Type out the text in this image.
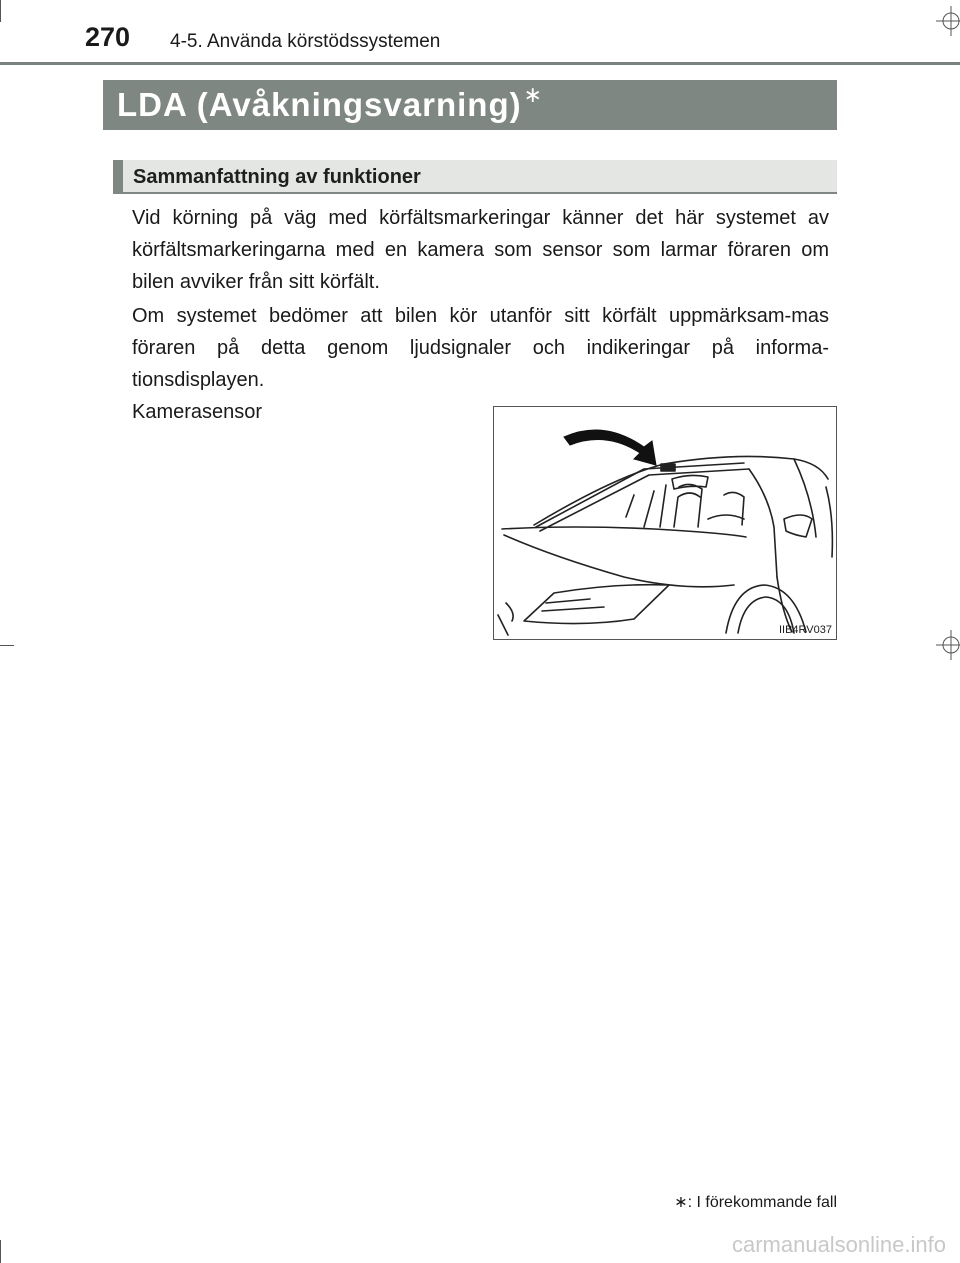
270 4-5. Använda körstödssystemen
LDA (Avåkningsvarning)∗
Sammanfattning av funktioner

Vid körning på väg med körfältsmarkeringar känner det här systemet av körfältsmarkeringarna med en kamera som sensor som larmar föraren om bilen avviker från sitt körfält.

Om systemet bedömer att bilen kör utanför sitt körfält uppmärksam-mas föraren på detta genom ljudsignaler och indikeringar på informa-tionsdisplayen.

Kamerasensor
IIB4RV037
∗: I förekommande fall
carmanualsonline.info
